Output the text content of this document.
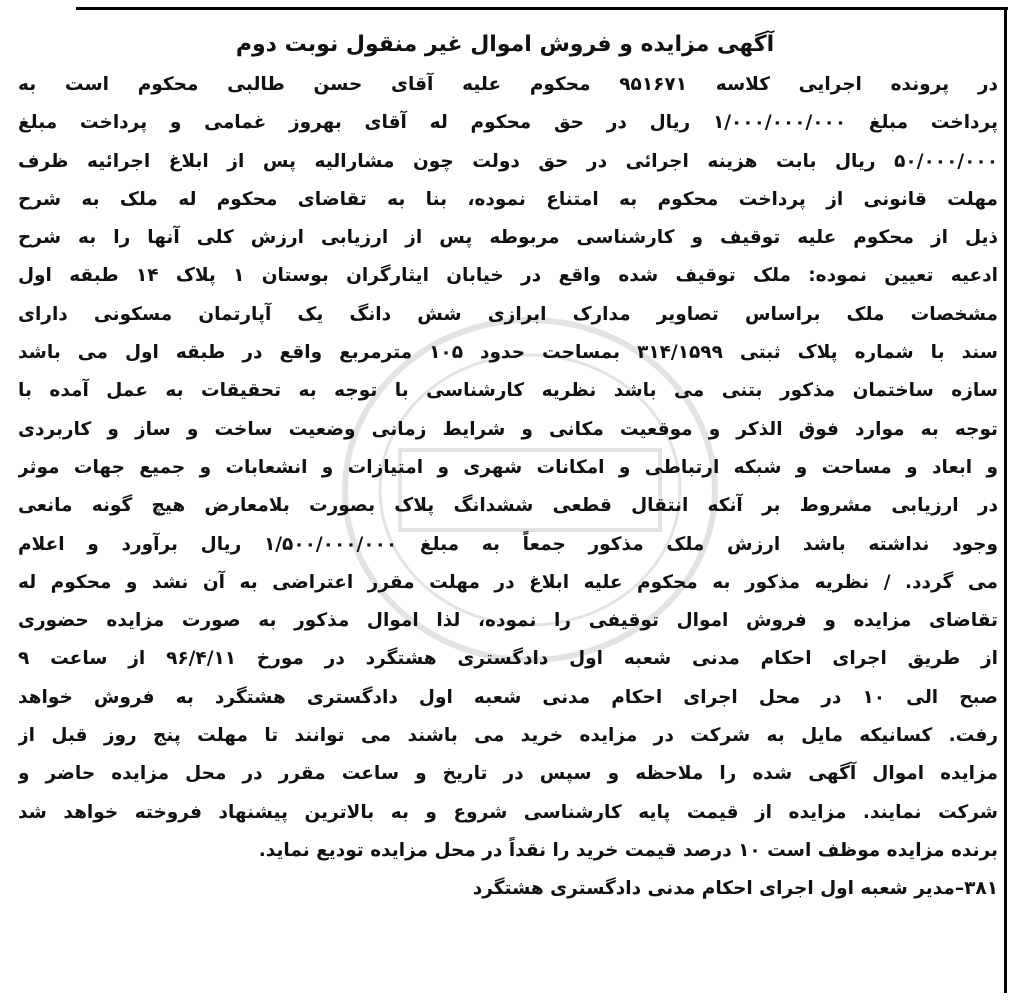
آگهی مزایده و فروش اموال غیر منقول نوبت دوم
در پرونده اجرایی کلاسه ۹۵۱۶۷۱ محکوم علیه آقای حسن طالبی محکوم است به
پرداخت مبلغ ۱/۰۰۰/۰۰۰/۰۰۰ ریال در حق محکوم له آقای بهروز غمامی و پرداخت مبلغ
۵۰/۰۰۰/۰۰۰ ریال بابت هزینه اجرائی در حق دولت چون مشارالیه پس از ابلاغ اجرائیه ظرف
مهلت قانونی از پرداخت محکوم به امتناع نموده، بنا به تقاضای محکوم له ملک به شرح
ذیل از محکوم علیه توقیف و کارشناسی مربوطه پس از ارزیابی ارزش کلی آنها را به شرح
ادعیه تعیین نموده: ملک توقیف شده واقع در خیابان ایثارگران بوستان ۱ پلاک ۱۴ طبقه اول
مشخصات ملک براساس تصاویر مدارک ابرازی شش دانگ یک آپارتمان مسکونی دارای
سند با شماره پلاک ثبتی ۳۱۴/۱۵۹۹ بمساحت حدود ۱۰۵ مترمربع واقع در طبقه اول می باشد
سازه ساختمان مذکور بتنی می باشد نظریه کارشناسی با توجه به تحقیقات به عمل آمده با
توجه به موارد فوق الذکر و موقعیت مکانی و شرایط زمانی وضعیت ساخت و ساز و کاربردی
و ابعاد و مساحت و شبکه ارتباطی و امکانات شهری و امتیازات و انشعابات و جمیع جهات موثر
در ارزیابی مشروط بر آنکه انتقال قطعی ششدانگ پلاک بصورت بلامعارض هیچ گونه مانعی
وجود نداشته باشد ارزش ملک مذکور جمعاً به مبلغ ۱/۵۰۰/۰۰۰/۰۰۰ ریال برآورد و اعلام
می گردد. / نظریه مذکور به محکوم علیه ابلاغ در مهلت مقرر اعتراضی به آن نشد و محکوم له
تقاضای مزایده و فروش اموال توقیفی را نموده، لذا اموال مذکور به صورت مزایده حضوری
از طریق اجرای احکام مدنی شعبه اول دادگستری هشتگرد در مورخ ۹۶/۴/۱۱ از ساعت ۹
صبح الی ۱۰ در محل اجرای احکام مدنی شعبه اول دادگستری هشتگرد به فروش خواهد
رفت. کسانیکه مایل به شرکت در مزایده خرید می باشند می توانند تا مهلت پنج روز قبل از
مزایده اموال آگهی شده را ملاحظه و سپس در تاریخ و ساعت مقرر در محل مزایده حاضر و
شرکت نمایند. مزایده از قیمت پایه کارشناسی شروع و به بالاترین پیشنهاد فروخته خواهد شد
برنده مزایده موظف است ۱۰ درصد قیمت خرید را نقداً در محل مزایده تودیع نماید.
۳۸۱–مدیر شعبه اول اجرای احکام مدنی دادگستری هشتگرد
